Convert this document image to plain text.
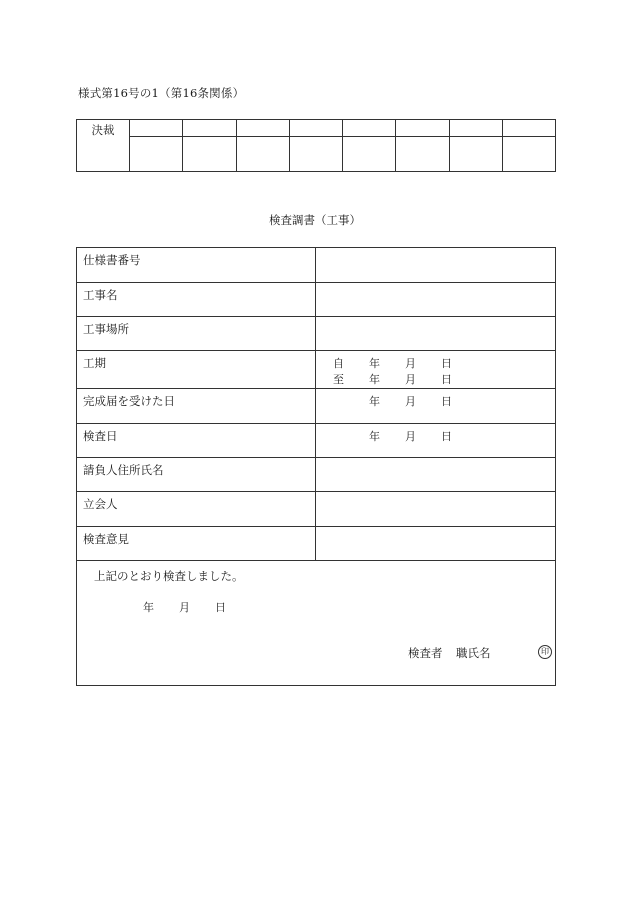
様式第16号の1（第16条関係）
決裁								

検査調書（工事）
仕様書番号
工事名
工事場所
工期	自 年 月 日
至 年 月 日
完成届を受けた日	年 月 日
検査日	年 月 日
請負人住所氏名
立会人
検査意見
上記のとおり検査しました。
年 月 日
検査者 職氏名	印
